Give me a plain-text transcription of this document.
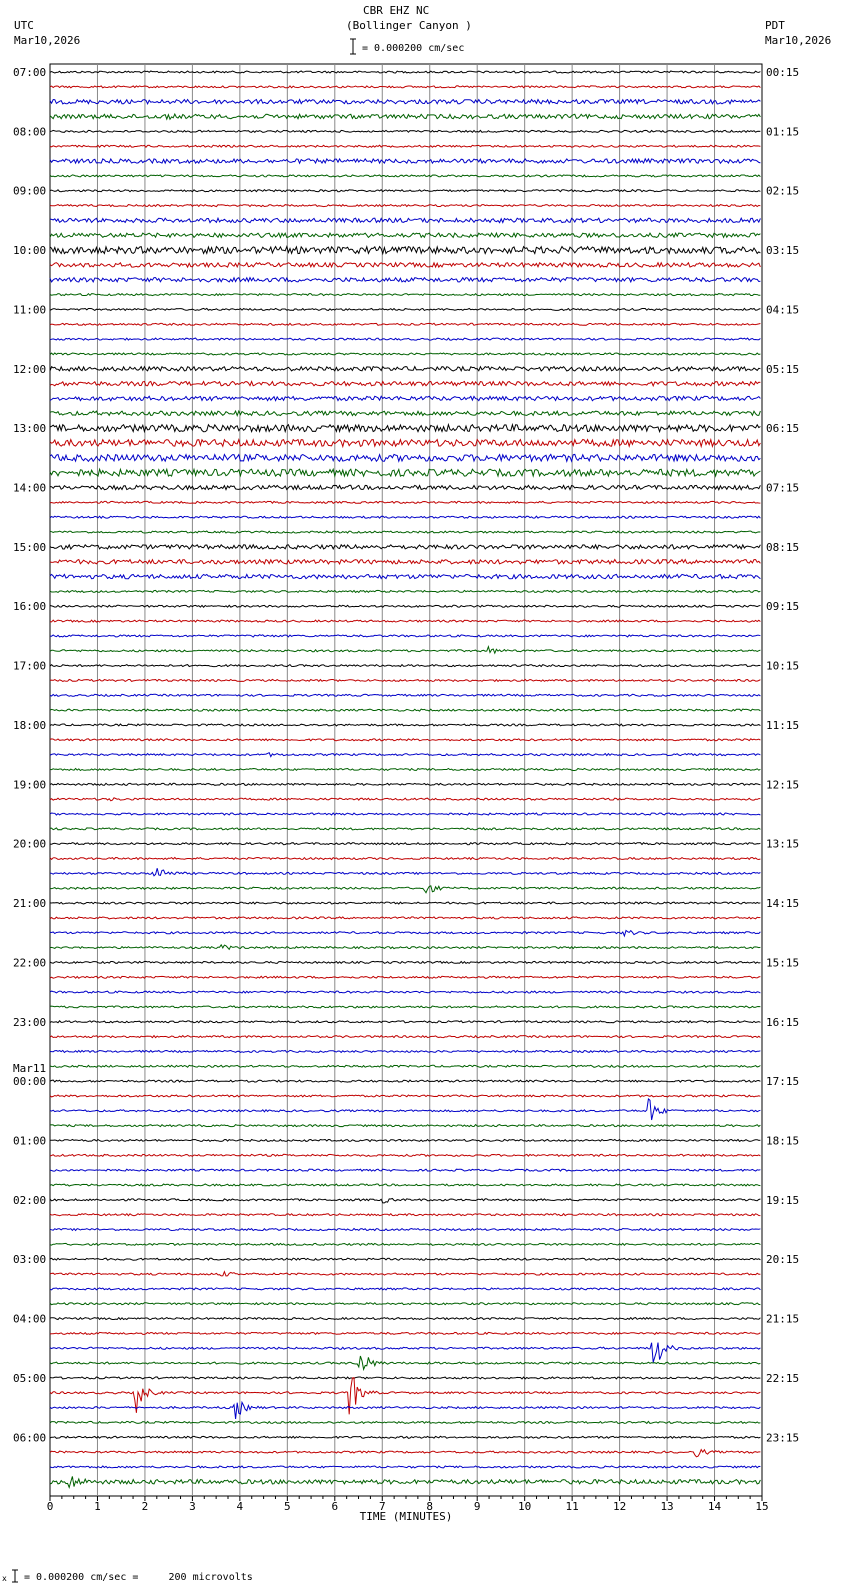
CBR EHZ NC
(Bollinger Canyon )
= 0.000200 cm/sec
UTC
Mar10,2026
PDT
Mar10,2026
= 0.000200 cm/sec =     200 microvolts
x
0	1	2	3	4	5	6	7	8	9	10	11	12	13	14	15
TIME (MINUTES)
07:00	00:15
08:00	01:15
09:00	02:15
10:00	03:15
11:00	04:15
12:00	05:15
13:00	06:15
14:00	07:15
15:00	08:15
16:00	09:15
17:00	10:15
18:00	11:15
19:00	12:15
20:00	13:15
21:00	14:15
22:00	15:15
23:00	16:15
00:00	17:15
Mar11
01:00	18:15
02:00	19:15
03:00	20:15
04:00	21:15
05:00	22:15
06:00	23:15
